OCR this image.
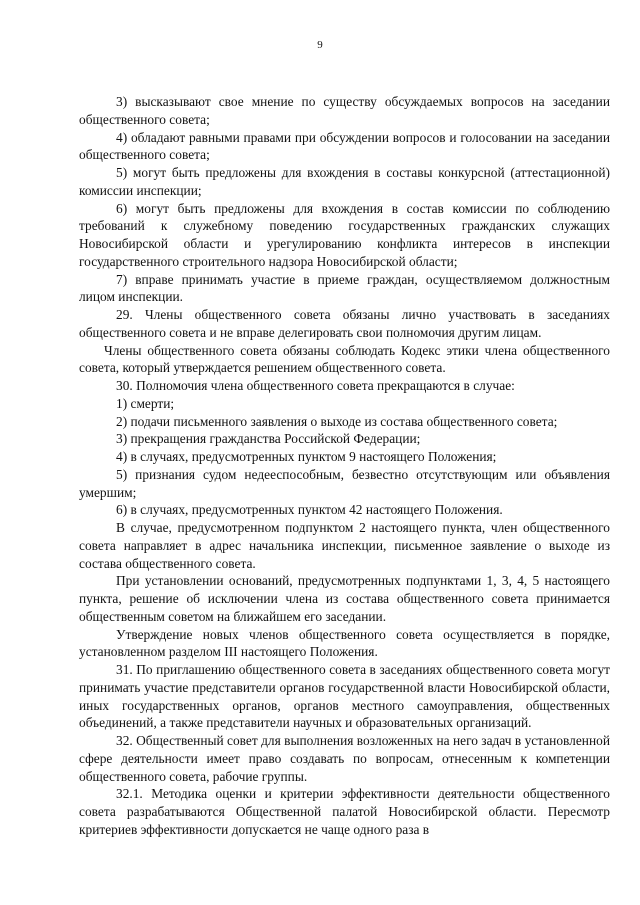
9

3) высказывают свое мнение по существу обсуждаемых вопросов на заседании общественного совета;

4) обладают равными правами при обсуждении вопросов и голосовании на заседании общественного совета;

5) могут быть предложены для вхождения в составы конкурсной (аттестационной) комиссии инспекции;

6) могут быть предложены для вхождения в состав комиссии по соблюдению требований к служебному поведению государственных гражданских служащих Новосибирской области и урегулированию конфликта интересов в инспекции государственного строительного надзора Новосибирской области;

7) вправе принимать участие в приеме граждан, осуществляемом должностным лицом инспекции.

29. Члены общественного совета обязаны лично участвовать в заседаниях общественного совета и не вправе делегировать свои полномочия другим лицам.

Члены общественного совета обязаны соблюдать Кодекс этики члена общественного совета, который утверждается решением общественного совета.

30. Полномочия члена общественного совета прекращаются в случае:

1) смерти;

2) подачи письменного заявления о выходе из состава общественного совета;

3) прекращения гражданства Российской Федерации;

4) в случаях, предусмотренных пунктом 9 настоящего Положения;

5) признания судом недееспособным, безвестно отсутствующим или объявления умершим;

6) в случаях, предусмотренных пунктом 42 настоящего Положения.

В случае, предусмотренном подпунктом 2 настоящего пункта, член общественного совета направляет в адрес начальника инспекции, письменное заявление о выходе из состава общественного совета.

При установлении оснований, предусмотренных подпунктами 1, 3, 4, 5 настоящего пункта, решение об исключении члена из состава общественного совета принимается общественным советом на ближайшем его заседании.

Утверждение новых членов общественного совета осуществляется в порядке, установленном разделом III настоящего Положения.

31. По приглашению общественного совета в заседаниях общественного совета могут принимать участие представители органов государственной власти Новосибирской области, иных государственных органов, органов местного самоуправления, общественных объединений, а также представители научных и образовательных организаций.

32. Общественный совет для выполнения возложенных на него задач в установленной сфере деятельности имеет право создавать по вопросам, отнесенным к компетенции общественного совета, рабочие группы.

32.1. Методика оценки и критерии эффективности деятельности общественного совета разрабатываются Общественной палатой Новосибирской области. Пересмотр критериев эффективности допускается не чаще одного раза в
